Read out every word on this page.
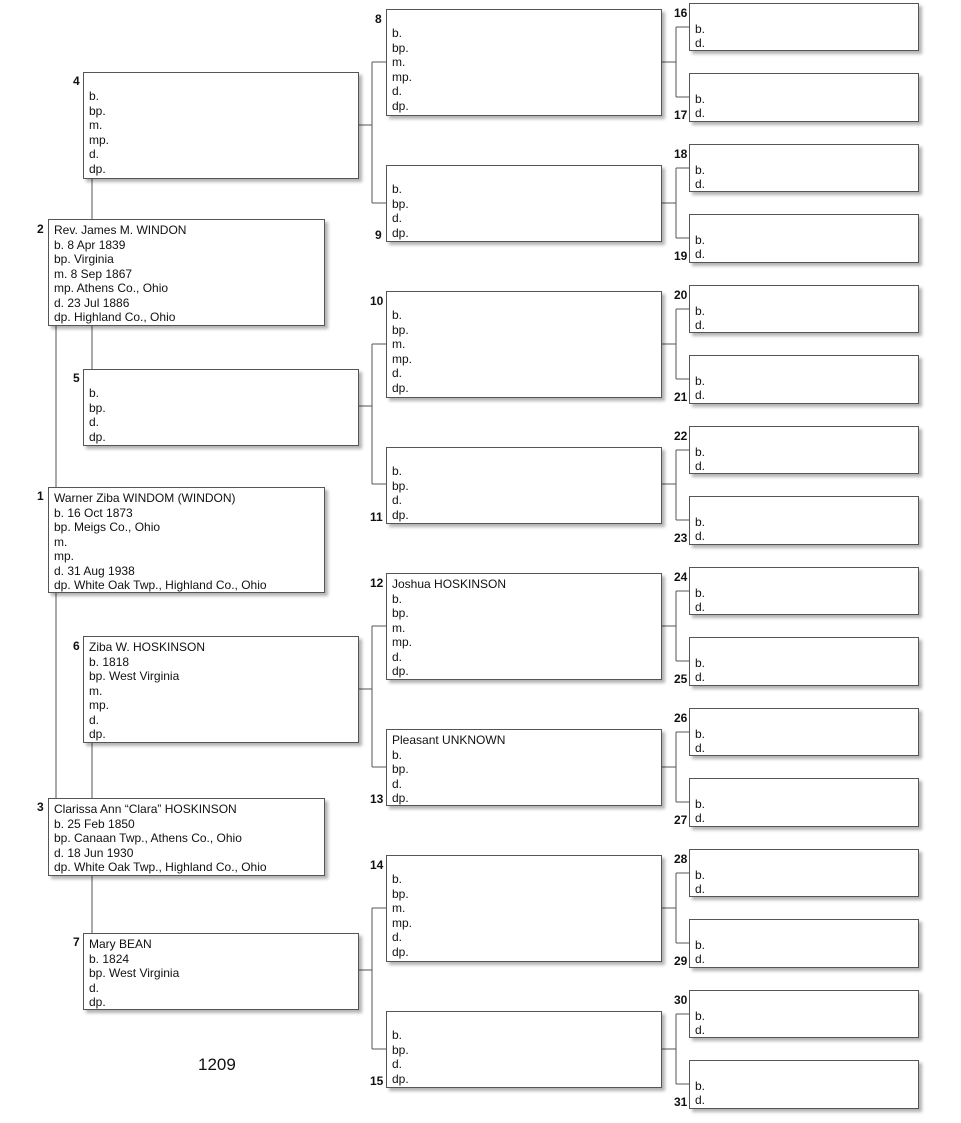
1 Warner Ziba WINDOM (WINDON)
b. 16 Oct 1873
bp. Meigs Co., Ohio
m.
mp.
d. 31 Aug 1938
dp. White Oak Twp., Highland Co., Ohio
2 Rev. James M. WINDON
b. 8 Apr 1839
bp. Virginia
m. 8 Sep 1867
mp. Athens Co., Ohio
d. 23 Jul 1886
dp. Highland Co., Ohio
3 Clarissa Ann “Clara” HOSKINSON
b. 25 Feb 1850
bp. Canaan Twp., Athens Co., Ohio
d. 18 Jun 1930
dp. White Oak Twp., Highland Co., Ohio
4
b.
bp.
m.
mp.
d.
dp.
5
b.
bp.
d.
dp.
6 Ziba W. HOSKINSON
b. 1818
bp. West Virginia
m.
mp.
d.
dp.
7 Mary BEAN
b. 1824
bp. West Virginia
d.
dp.
8
b.
bp.
m.
mp.
d.
dp.
9
b.
bp.
d.
dp.
10
b.
bp.
m.
mp.
d.
dp.
11
b.
bp.
d.
dp.
12 Joshua HOSKINSON
b.
bp.
m.
mp.
d.
dp.
13
Pleasant UNKNOWN
b.
bp.
d.
dp.
14
b.
bp.
m.
mp.
d.
dp.
15
b.
bp.
d.
dp.
16
b.
d.
17
b.
d.
18
b.
d.
19
b.
d.
20
b.
d.
21
b.
d.
22
b.
d.
23
b.
d.
24
b.
d.
25
b.
d.
26
b.
d.
27
b.
d.
28
b.
d.
29
b.
d.
30
b.
d.
31
b.
d.
1209
